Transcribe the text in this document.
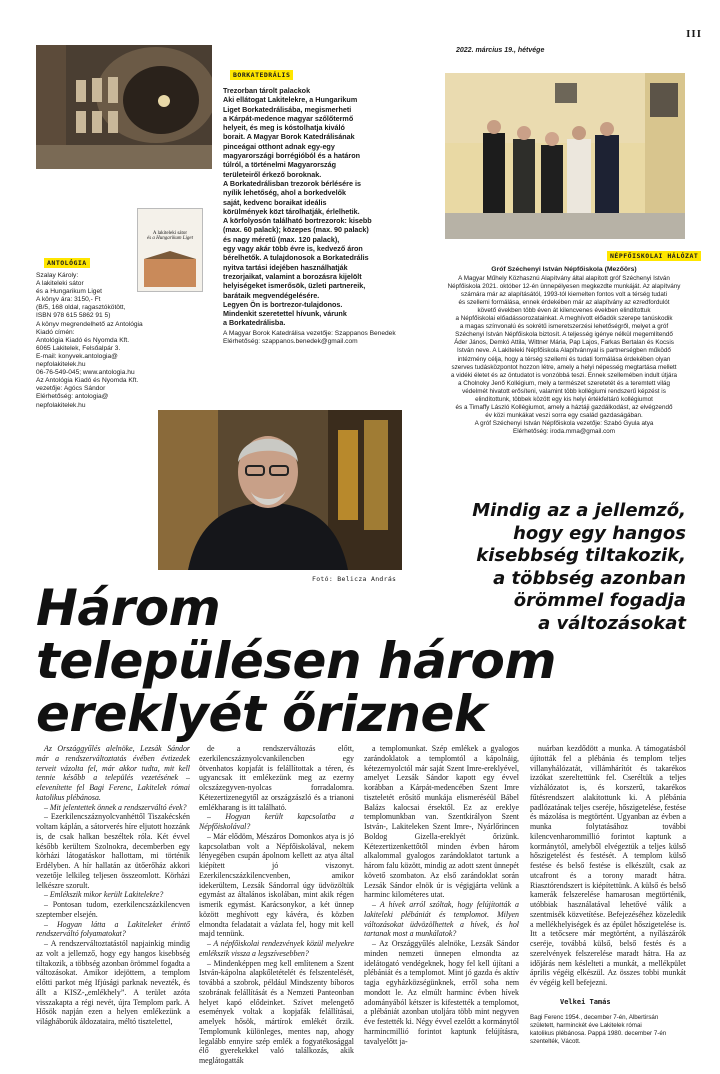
III
2022. március 19., hétvége
A lakiteleki sátor
és a Hungarikum Liget
BORKATEDRÁLIS
ANTOLÓGIA
NÉPFŐISKOLAI HÁLÓZAT
Trezorban tárolt palackok
Aki ellátogat Lakitelekre, a Hungarikum
Liget Borkatedrálisába, megismerheti
a Kárpát-medence magyar szőlőtermő
helyeit, és meg is kóstolhatja kiváló
borait. A Magyar Borok Katedrálisának
pinceágai otthont adnak egy-egy
magyarországi borrégióból és a határon
túlról, a történelmi Magyarország
területeiről érkező boroknak.
A Borkatedrálisban trezorok bérlésére is
nyílik lehetőség, ahol a borkedvelők
saját, kedvenc boraikat ideális
körülmények közt tárolhatják, érlelhetik.
A körfolyosón található bortrezorok: kisebb
(max. 60 palack); közepes (max. 90 palack)
és nagy méretű (max. 120 palack),
egy vagy akár több évre is, kedvező áron
bérelhetők. A tulajdonosok a Borkatedrális
nyitva tartási idejében használhatják
trezorjaikat, valamint a borozásra kijelölt
helyiségeket ismerősök, üzleti partnereik,
barátaik megvendégelésére.
Legyen Ön is bortrezor-tulajdonos.
Mindenkit szeretettel hívunk, várunk
a Borkatedrálisba.
A Magyar Borok Katedrálisa vezetője: Szappanos Benedek
Elérhetőség: szappanos.benedek@gmail.com
Szalay Károly:
A lakiteleki sátor
és a Hungarikum Liget
A könyv ára: 3150,- Ft
(B/5, 168 oldal, ragasztókötött,
ISBN 978 615 5862 91 5)
A könyv megrendelhető az Antológia
Kiadó címén:
Antológia Kiadó és Nyomda Kft.
6065 Lakitelek, Felsőalpár 3.
E-mail: konyvek.antologia@
nepfolakitelek.hu
06-76-549-045; www.antologia.hu
Az Antológia Kiadó és Nyomda Kft.
vezetője: Agócs Sándor
Elérhetőség: antologia@
nepfolakitelek.hu
Gróf Széchenyi István Népfőiskola (Mezőörs)
A Magyar Műhely Közhasznú Alapítvány által alapított gróf Széchenyi István
Népfőiskola 2021. október 12-én ünnepélyesen megkezdte munkáját. Az alapítvány
számára már az alapításától, 1993-tól kiemelten fontos volt a térség tudati
és szellemi formálása, ennek érdekében már az alapítvány az ezredfordulót
követő években több éven át kilencvenes években elindítottuk
a Népfőiskolai előadássorozatainkat. A meghívott előadók szerepe tanúskodik
a magas színvonalú és sokrétű ismeretszerzési lehetőségről, melyet a gróf
Széchenyi István Népfőiskola biztosít. A teljesség igénye nélkül megemlítendő
Áder János, Demkó Attila, Wittner Mária, Pap Lajos, Farkas Bertalan és Kocsis
István neve. A Lakiteleki Népfőiskola Alapítvánnyal is partnerségben működő
intézmény célja, hogy a térség szellemi és tudati formálása érdekében olyan
szerves tudásközpontot hozzon létre, amely a helyi népesség megtartása mellett
a vidéki életet és az öntudatot is vonzóbbá teszi. Ennek szellemében indult útjára
a Cholnoky Jenő Kollégium, mely a természet szeretetét és a teremtett világ
védelmét hivatott erősíteni, valamint több kollégiumi rendszerű képzést is
elindítottunk, többek között egy kis helyi értékfeltáró kollégiumot
és a Timaffy László Kollégiumot, amely a háztáji gazdálkodást, az elvégzendő
év közi munkákat veszi sorra egy család gazdaságában.
A gróf Széchenyi István Népfőiskola vezetője: Szabó Gyula atya
Elérhetőség: iroda.mma@gmail.com
Fotó: Belicza András
Mindig az a jellemző,
hogy egy hangos
kisebbség tiltakozik,
a többség azonban
örömmel fogadja
a változásokat
Három
településen három
ereklyét őriznek

Az Országgyűlés alelnöke, Lezsák Sándor már a rendszerváltoztatás évében évtizedek terveit vázolta fel, már akkor tudta, mit kell tennie később a település vezetésének – elevenítette fel Bagi Ferenc, Lakitelek római katolikus plébánosa.

– Mit jelentettek önnek a rendszerváltó évek?

– Ezerkilencszáznyolcvanhéttől Tiszakécskén voltam káplán, a sátorverés híre eljutott hozzánk is, de csak halkan beszéltek róla. Két évvel később kerültem Szolnokra, decemberben egy körházi látogatáskor hallottam, mi történik Erdélyben. A hír hallatán az ütőerőház akkori vezetője lelkileg teljesen összeomlott. Körházi lelkészre szorult.

– Emlékszik mikor került Lakitelekre?

– Pontosan tudom, ezerkilencszázkilencven szeptember elsején.

– Hogyan látta a Lakiteleket érintő rendszerváltó folyamatokat?

– A rendszerváltoztatástól napjainkig mindig az volt a jellemző, hogy egy hangos kisebbség tiltakozik, a többség azonban örömmel fogadta a változásokat. Amikor idejöttem, a templom előtti parkot még Ifjúsági parknak nevezték, és állt a KISZ-„emlékhely”. A terület azóta visszakapta a régi nevét, újra Templom park. A Hősök napján ezen a helyen emlékezünk a világháborúk áldozataira, méltó tisztelettel,

de a rendszerváltozás előtt, ezerkilencszáznyolcvankilencben egy ötvenhatos kopjafát is felállítottak a téren, és ugyancsak itt emlékezünk meg az ezerny olcszázegyven-nyolcas forradalomra. Kétezertizenegytől az országzászló és a trianoni emlékharang is itt található.

– Hogyan került kapcsolatba a Népfőiskolával?

– Már elődöm, Mészáros Domonkos atya is jó kapcsolatban volt a Népfőiskolával, nekem lényegében csupán ápolnom kellett az atya által kiépített jó viszonyt. Ezerkilencszázkilencvenben, amikor idekerültem, Lezsák Sándorral úgy üdvözöltük egymást az általános iskolában, mint akik régen ismerik egymást. Karácsonykor, a két ünnep között meghívott egy kávéra, és közben elmondta feladatait a vázlata fel, hogy mit kell majd tennünk.

– A népfőiskolai rendezvények közül melyekre emlékszik vissza a legszívesebben?

– Mindenképpen meg kell említenem a Szent István-kápolna alapkőletételét és felszentelését, továbbá a szobrok, például Mindszenty bíboros szobrának felállítását és a Nemzeti Panteonban helyet kapó elődeinket. Szívet melengető események voltak a kopjafák felállításai, amelyek hősök, mártírok emlékét őrzik. Templomunk különleges, mentes nap, ahogy legalább ennyire szép emlék a fogyatékosággal élő gyerekekkel való találkozás, akik meglátogatták

a templomunkat. Szép emlékek a gyalogos zarándoklatok a templomtól a kápolnáig, kétezernyolctól már saját Szent Imre-ereklyével, amelyet Lezsák Sándor kapott egy évvel korábban a Kárpát-medencében Szent Imre tiszteletét erősítő munkája elismeréséül Bábel Balázs kalocsai érsektől. Ez az ereklye templomunkban van. Szentkirályon Szent István-, Lakiteleken Szent Imre-, Nyárlőrincen Boldog Gizella-ereklyét őrizünk. Kétezertizenkettőtől minden évben három alkalommal gyalogos zarándoklatot tartunk a három falu között, mindig az adott szent ünnepét követő szombaton. Az első zarándoklat során Lezsák Sándor elnök úr is végigjárta velünk a harminc kilométeres utat.

– A hívek arról szóltak, hogy felújították a lakiteleki plébániát és templomot. Milyen változásokat üdvözölhettek a hívek, és hol tartanak most a munkálatok?

– Az Országgyűlés alelnöke, Lezsák Sándor minden nemzeti ünnepen elmondta az idelátogató vendégeknek, hogy fel kell újítani a plébániát és a templomot. Mint jó gazda és aktív tagja egyházközségünknek, erről soha nem mondott le. Az elmúlt harminc évben hívek adományából kétszer is kifestették a templomot, a plébániát azonban utoljára több mint negyven éve festették ki. Négy évvel ezelőtt a kormánytól harmincmillió forintot kaptunk felújításra, tavalyelőtt ja-

nuárban kezdődött a munka. A támogatásból újították fel a plébánia és templom teljes villanyhálózatát, villámhárítót és takarékos izzókat szereltettünk fel. Cseréltük a teljes vízhálózatot is, és korszerű, takarékos fűtésrendszert alakítottunk ki. A plébánia padlózatának teljes cseréje, hőszigetelése, festése és mázolása is megtörtént. Ugyanban az évben a munka folytatásához további kilencvenharommillió forintot kaptunk a kormánytól, amelyből elvégeztük a teljes külső hőszigetelést és festését. A templom külső festése és belső festése is elkészült, csak az utcafront és a torony maradt hátra. Riasztórendszert is kiépítettünk. A külső és belső kamerák felszerelése hamarosan megtörténik, utóbbiak használatával lehetővé válik a szentmisék közvetítése. Befejezéséhez közeledik a mellékhelyiségek és az épület hőszigetelése is. Itt a tetőcsere már megtörtént, a nyílászárók cseréje, továbbá külső, belső festés és a szerelvények felszerelése maradt hátra. Ha az időjárás nem késlelteti a munkát, a mellékpület április végéig elkészül. Az összes tobbi munkát év végéig kell befejezni.

Velkei Tamás
Bagi Ferenc 1954., december 7-én, Albertirsán
született, harminckét éve Lakitelek római
katolikus plébánosa. Pappá 1980. december 7-én
szentelték, Vácott.
